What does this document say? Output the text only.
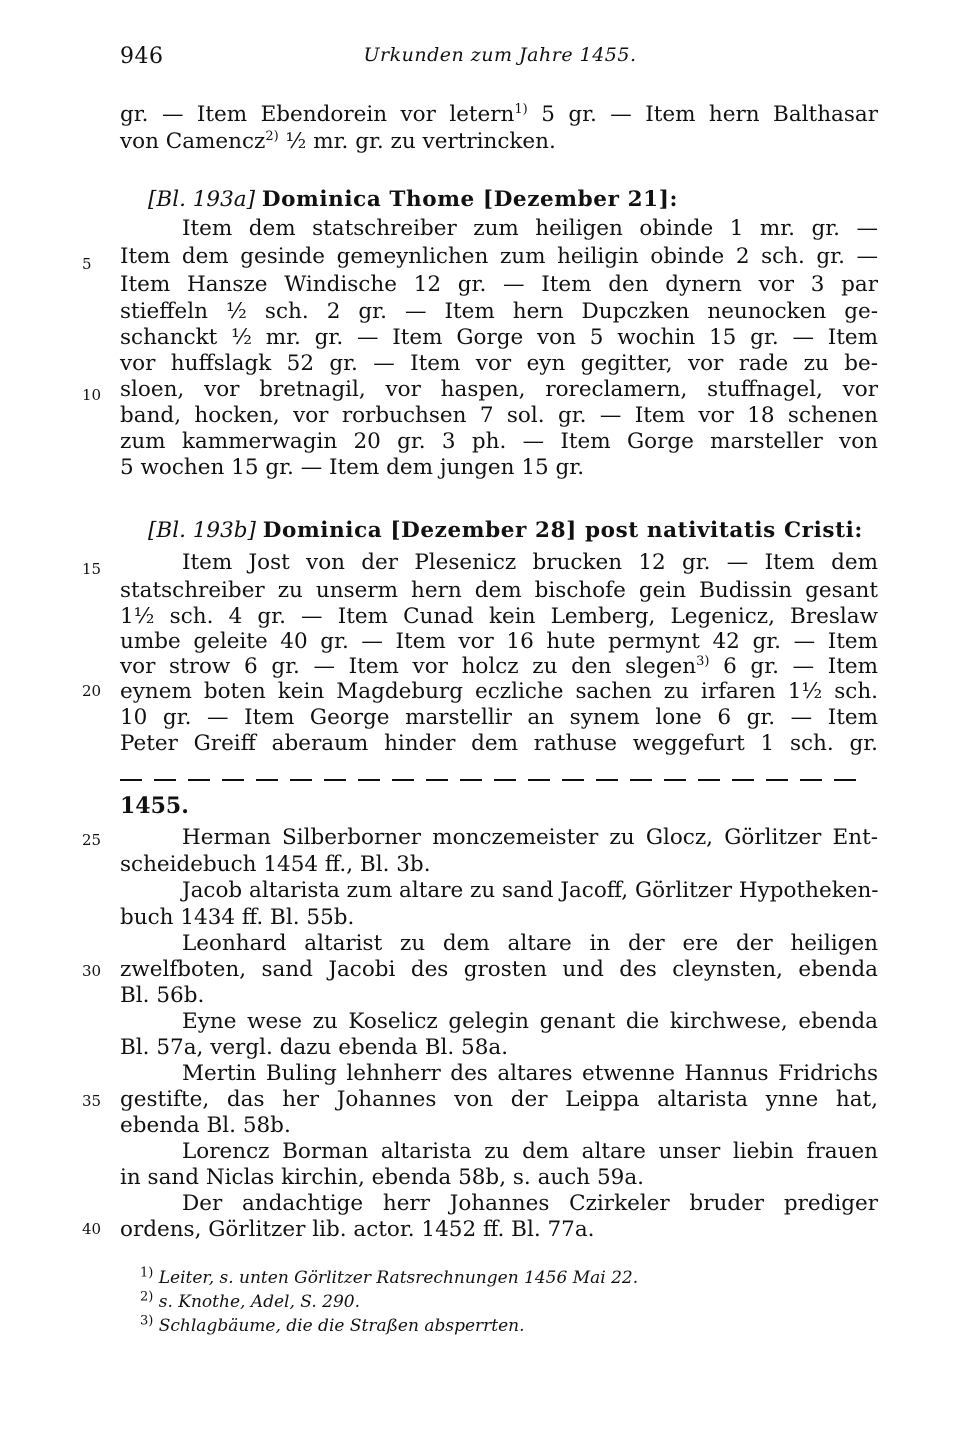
946	Urkunden zum Jahre 1455.
5
10
15
20
25
30
35
40
gr. — Item Ebendorein vor letern$^{1)}$ 5 gr. — Item hern Balthasar
von Camencz$^{2)}$ ½ mr. gr. zu vertrincken.
[Bl. 193a] Dominica Thome [Dezember 21]:
Item dem statschreiber zum heiligen obinde 1 mr. gr. —
Item dem gesinde gemeynlichen zum heiligin obinde 2 sch. gr. —
Item Hansze Windische 12 gr. — Item den dynern vor 3 par
stieffeln ½ sch. 2 gr. — Item hern Dupczken neunocken ge-
schanckt ½ mr. gr. — Item Gorge von 5 wochin 15 gr. — Item
vor huffslagk 52 gr. — Item vor eyn gegitter, vor rade zu be-
sloen, vor bretnagil, vor haspen, roreclamern, stuffnagel, vor
band, hocken, vor rorbuchsen 7 sol. gr. — Item vor 18 schenen
zum kammerwagin 20 gr. 3 ph. — Item Gorge marsteller von
5 wochen 15 gr. — Item dem jungen 15 gr.
[Bl. 193b] Dominica [Dezember 28] post nativitatis Cristi:
Item Jost von der Plesenicz brucken 12 gr. — Item dem
statschreiber zu unserm hern dem bischofe gein Budissin gesant
1½ sch. 4 gr. — Item Cunad kein Lemberg, Legenicz, Breslaw
umbe geleite 40 gr. — Item vor 16 hute permynt 42 gr. — Item
vor strow 6 gr. — Item vor holcz zu den slegen$^{3)}$ 6 gr. — Item
eynem boten kein Magdeburg eczliche sachen zu irfaren 1½ sch.
10 gr. — Item George marstellir an synem lone 6 gr. — Item
Peter Greiff aberaum hinder dem rathuse weggefurt 1 sch. gr.
1455.
Herman Silberborner monczemeister zu Glocz, Görlitzer Ent-
scheidebuch 1454 ff., Bl. 3b.
Jacob altarista zum altare zu sand Jacoff, Görlitzer Hypotheken-
buch 1434 ff. Bl. 55b.
Leonhard altarist zu dem altare in der ere der heiligen
zwelfboten, sand Jacobi des grosten und des cleynsten, ebenda
Bl. 56b.
Eyne wese zu Koselicz gelegin genant die kirchwese, ebenda
Bl. 57a, vergl. dazu ebenda Bl. 58a.
Mertin Buling lehnherr des altares etwenne Hannus Fridrichs
gestifte, das her Johannes von der Leippa altarista ynne hat,
ebenda Bl. 58b.
Lorencz Borman altarista zu dem altare unser liebin frauen
in sand Niclas kirchin, ebenda 58b, s. auch 59a.
Der andachtige herr Johannes Czirkeler bruder prediger
ordens, Görlitzer lib. actor. 1452 ff. Bl. 77a.
$^{1)}$ Leiter, s. unten Görlitzer Ratsrechnungen 1456 Mai 22.
$^{2)}$ s. Knothe, Adel, S. 290.
$^{3)}$ Schlagbäume, die die Straßen absperrten.
